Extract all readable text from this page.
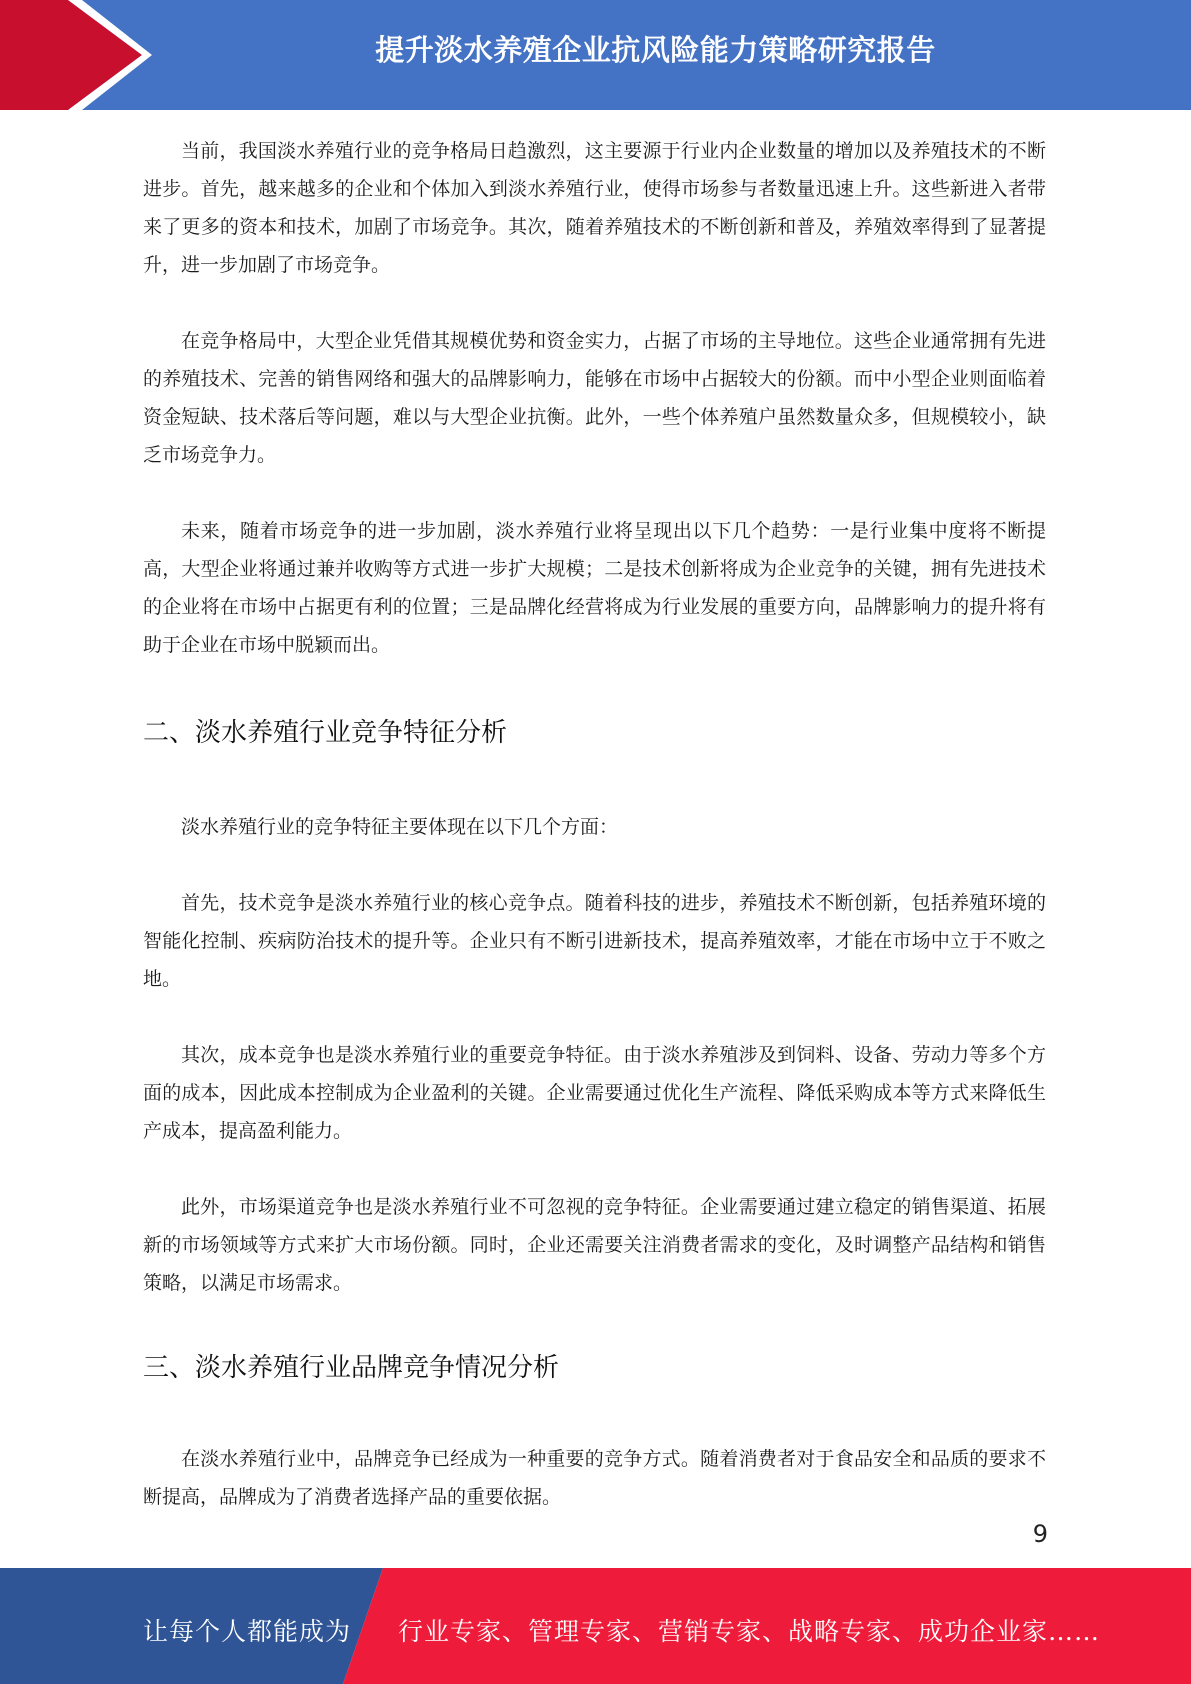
提升淡水养殖企业抗风险能力策略研究报告

当前，我国淡水养殖行业的竞争格局日趋激烈，这主要源于行业内企业数量的增加以及养殖技术的不断进步。首先，越来越多的企业和个体加入到淡水养殖行业，使得市场参与者数量迅速上升。这些新进入者带来了更多的资本和技术，加剧了市场竞争。其次，随着养殖技术的不断创新和普及，养殖效率得到了显著提升，进一步加剧了市场竞争。

在竞争格局中，大型企业凭借其规模优势和资金实力，占据了市场的主导地位。这些企业通常拥有先进的养殖技术、完善的销售网络和强大的品牌影响力，能够在市场中占据较大的份额。而中小型企业则面临着资金短缺、技术落后等问题，难以与大型企业抗衡。此外，一些个体养殖户虽然数量众多，但规模较小，缺乏市场竞争力。

未来，随着市场竞争的进一步加剧，淡水养殖行业将呈现出以下几个趋势：一是行业集中度将不断提高，大型企业将通过兼并收购等方式进一步扩大规模；二是技术创新将成为企业竞争的关键，拥有先进技术的企业将在市场中占据更有利的位置；三是品牌化经营将成为行业发展的重要方向，品牌影响力的提升将有助于企业在市场中脱颖而出。

二、淡水养殖行业竞争特征分析

淡水养殖行业的竞争特征主要体现在以下几个方面：

首先，技术竞争是淡水养殖行业的核心竞争点。随着科技的进步，养殖技术不断创新，包括养殖环境的智能化控制、疾病防治技术的提升等。企业只有不断引进新技术，提高养殖效率，才能在市场中立于不败之地。

其次，成本竞争也是淡水养殖行业的重要竞争特征。由于淡水养殖涉及到饲料、设备、劳动力等多个方面的成本，因此成本控制成为企业盈利的关键。企业需要通过优化生产流程、降低采购成本等方式来降低生产成本，提高盈利能力。

此外，市场渠道竞争也是淡水养殖行业不可忽视的竞争特征。企业需要通过建立稳定的销售渠道、拓展新的市场领域等方式来扩大市场份额。同时，企业还需要关注消费者需求的变化，及时调整产品结构和销售策略，以满足市场需求。

三、淡水养殖行业品牌竞争情况分析

在淡水养殖行业中，品牌竞争已经成为一种重要的竞争方式。随着消费者对于食品安全和品质的要求不断提高，品牌成为了消费者选择产品的重要依据。

9
让每个人都能成为 行业专家、管理专家、营销专家、战略专家、成功企业家……
